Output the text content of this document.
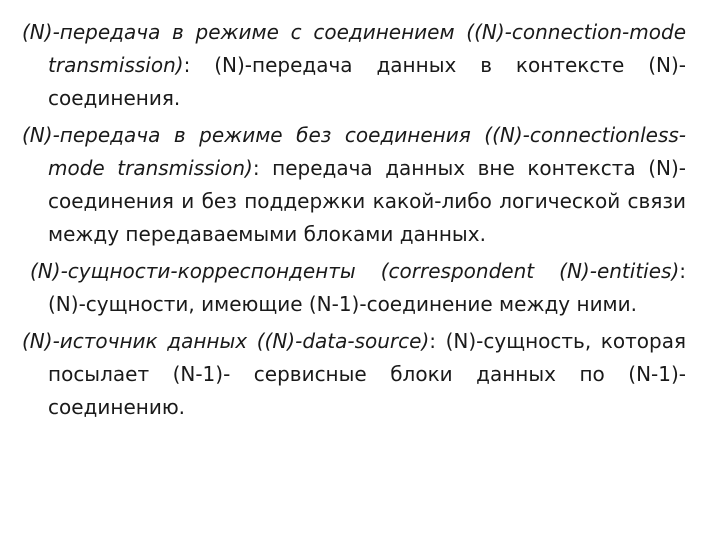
(N)-передача в режиме с соединением ((N)-connection-mode transmission): (N)-передача данных в контексте (N)-соединения.

(N)-передача в режиме без соединения ((N)-connectionless-mode transmission): передача данных вне контекста (N)-соединения и без поддержки какой-либо логической связи между передаваемыми блоками данных.

(N)-сущности-корреспонденты (correspondent (N)-entities): (N)-сущности, имеющие (N-1)-соединение между ними.

(N)-источник данных ((N)-data-source): (N)-сущность, которая посылает (N-1)- сервисные блоки данных по (N-1)-соединению.
